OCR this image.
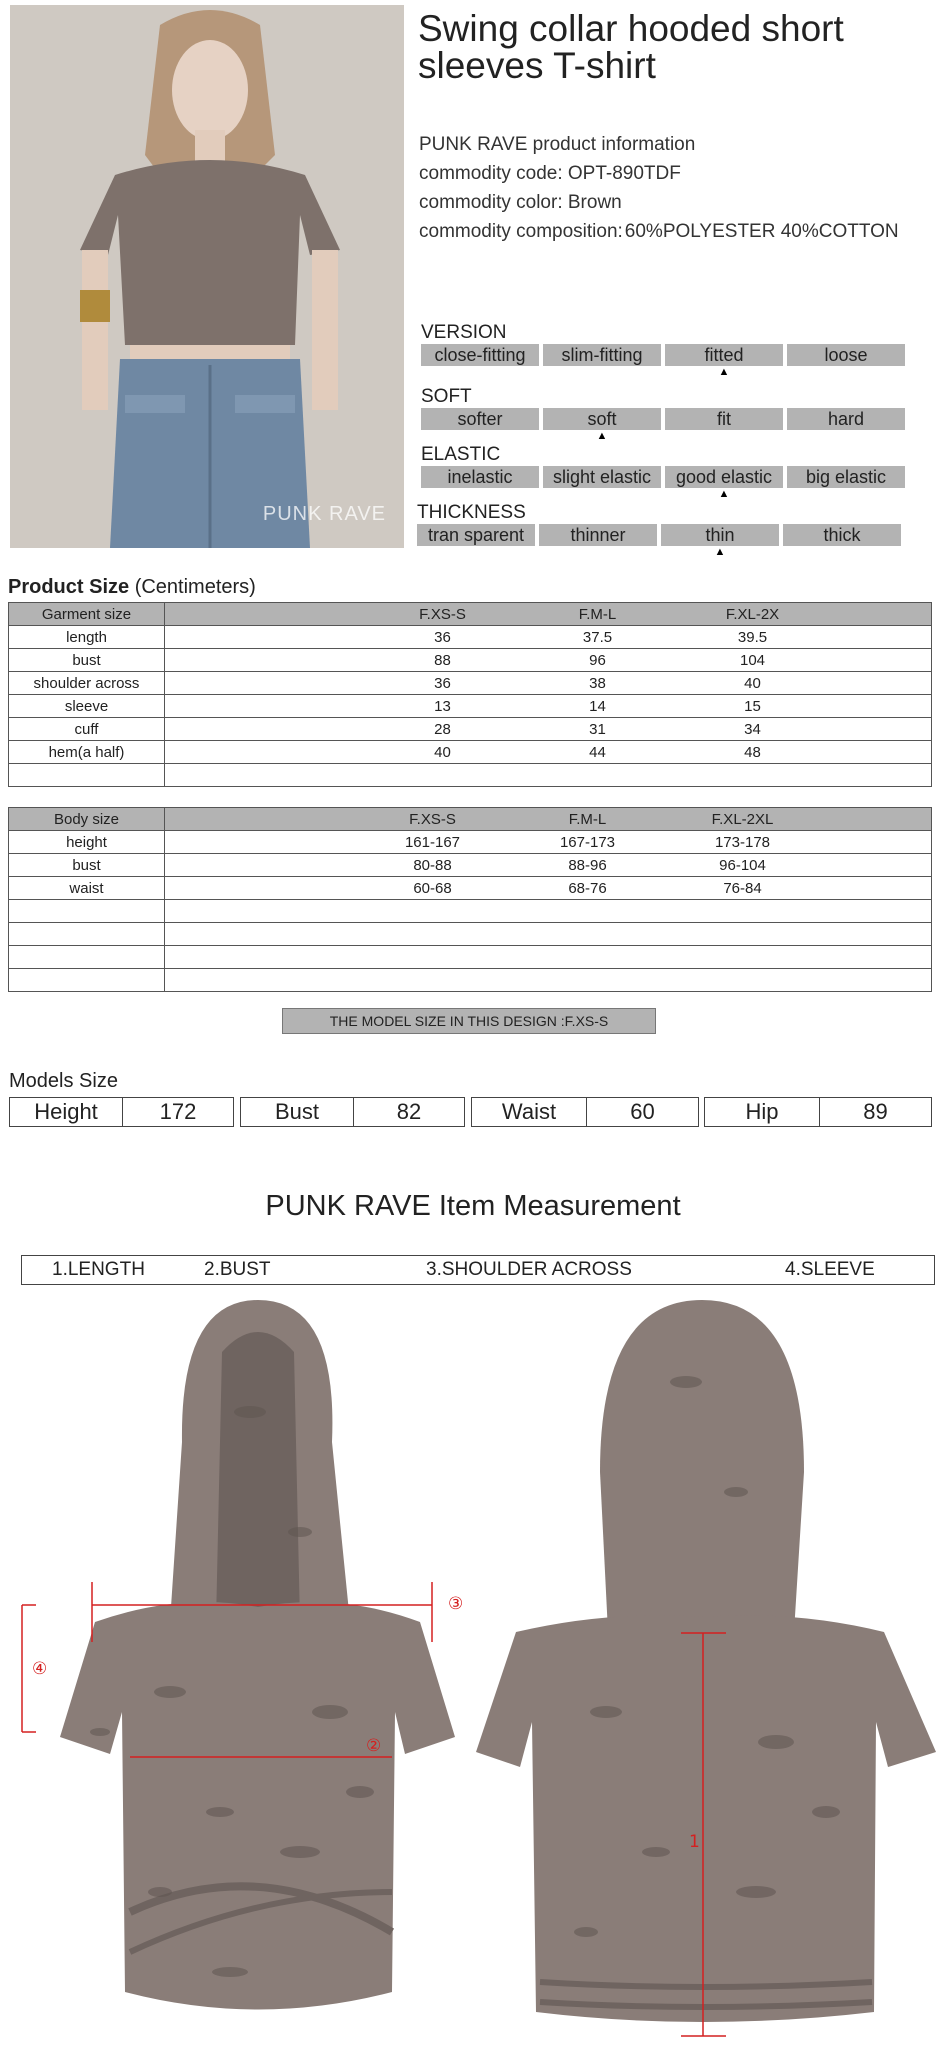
PUNK RAVE
Swing collar hooded short
sleeves T-shirt
PUNK RAVE product information
commodity code: OPT-890TDF
commodity color: Brown
commodity composition: 60%POLYESTER 40%COTTON
VERSION
close-fitting	slim-fitting	fitted	loose
▲
SOFT
softer	soft	fit	hard
▲
ELASTIC
inelastic	slight elastic	good elastic	big elastic
▲
THICKNESS
tran sparent	thinner	thin	thick
▲
Product Size (Centimeters)
Garment size	F.XS-S F.M-L F.XL-2X

length	36 37.5 39.5

bust	88 96 104

shoulder across	36 38 40

sleeve	13 14 15

cuff	28 31 34

hem(a half)	40 44 48

Body size	F.XS-S F.M-L F.XL-2XL

height	161-167 167-173 173-178

bust	80-88 88-96 96-104

waist	60-68 68-76 76-84

THE MODEL SIZE IN THIS DESIGN :F.XS-S
Models Size
Height	172	Bust	82	Waist	60	Hip	89
PUNK RAVE Item Measurement
1.LENGTH	2.BUST	3.SHOULDER ACROSS	4.SLEEVE
③
②
④
1
